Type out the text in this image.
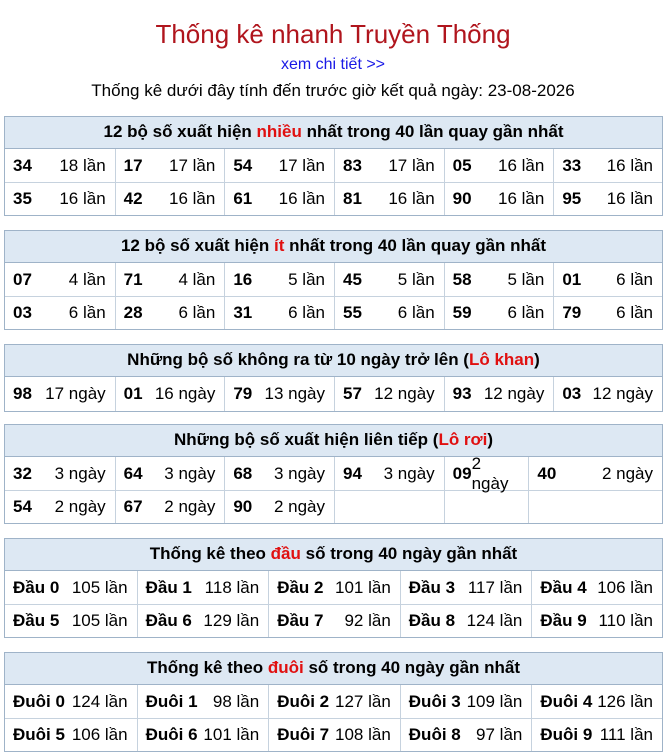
Thống kê nhanh Truyền Thống
xem chi tiết >>
Thống kê dưới đây tính đến trước giờ kết quả ngày: 23-08-2026
12 bộ số xuất hiện nhiều nhất trong 40 lần quay gần nhất
34 18 lần 17 17 lần 54 17 lần 83 17 lần 05 16 lần 33 16 lần
35 16 lần 42 16 lần 61 16 lần 81 16 lần 90 16 lần 95 16 lần
12 bộ số xuất hiện ít nhất trong 40 lần quay gần nhất
07 4 lần 71 4 lần 16 5 lần 45 5 lần 58 5 lần 01 6 lần
03 6 lần 28 6 lần 31 6 lần 55 6 lần 59 6 lần 79 6 lần
Những bộ số không ra từ 10 ngày trở lên (Lô khan)
98 17 ngày 01 16 ngày 79 13 ngày 57 12 ngày 93 12 ngày 03 12 ngày
Những bộ số xuất hiện liên tiếp (Lô rơi)
32 3 ngày 64 3 ngày 68 3 ngày 94 3 ngày 09
2 ngày
40	2 ngày
54 2 ngày 67 2 ngày 90 2 ngày
Thống kê theo đầu số trong 40 ngày gần nhất
Đầu 0 105 lần Đầu 1 118 lần Đầu 2 101 lần Đầu 3 117 lần Đầu 4 106 lần
Đầu 5 105 lần Đầu 6 129 lần Đầu 7 92 lần Đầu 8 124 lần Đầu 9 110 lần
Thống kê theo đuôi số trong 40 ngày gần nhất
Đuôi 0 124 lần Đuôi 1 98 lần Đuôi 2 127 lần Đuôi 3 109 lần Đuôi 4 126 lần
Đuôi 5 106 lần Đuôi 6 101 lần Đuôi 7 108 lần Đuôi 8 97 lần Đuôi 9 111 lần
